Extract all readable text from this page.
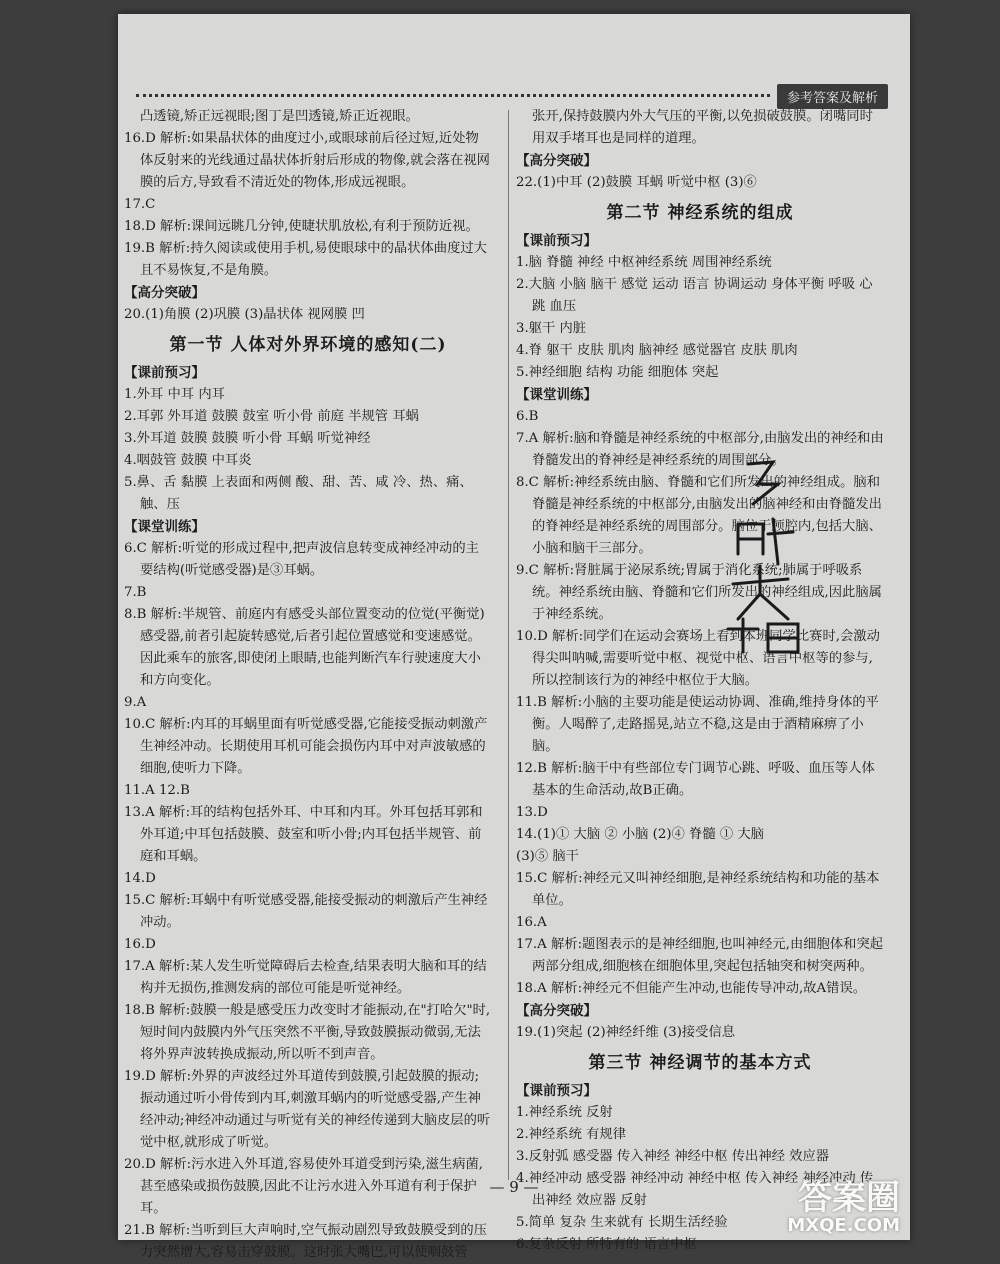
参考答案及解析
凸透镜,矫正远视眼;图丁是凹透镜,矫正近视眼。
16.D 解析:如果晶状体的曲度过小,或眼球前后径过短,近处物体反射来的光线通过晶状体折射后形成的物像,就会落在视网膜的后方,导致看不清近处的物体,形成远视眼。
17.C
18.D 解析:课间远眺几分钟,使睫状肌放松,有利于预防近视。
19.B 解析:持久阅读或使用手机,易使眼球中的晶状体曲度过大且不易恢复,不是角膜。
【高分突破】
20.(1)角膜 (2)巩膜 (3)晶状体 视网膜 凹
第一节 人体对外界环境的感知(二)
【课前预习】
1.外耳 中耳 内耳
2.耳郭 外耳道 鼓膜 鼓室 听小骨 前庭 半规管 耳蜗
3.外耳道 鼓膜 鼓膜 听小骨 耳蜗 听觉神经
4.咽鼓管 鼓膜 中耳炎
5.鼻、舌 黏膜 上表面和两侧 酸、甜、苦、咸 冷、热、痛、触、压
【课堂训练】
6.C 解析:听觉的形成过程中,把声波信息转变成神经冲动的主要结构(听觉感受器)是③耳蜗。
7.B
8.B 解析:半规管、前庭内有感受头部位置变动的位觉(平衡觉)感受器,前者引起旋转感觉,后者引起位置感觉和变速感觉。因此乘车的旅客,即使闭上眼睛,也能判断汽车行驶速度大小和方向变化。
9.A
10.C 解析:内耳的耳蜗里面有听觉感受器,它能接受振动刺激产生神经冲动。长期使用耳机可能会损伤内耳中对声波敏感的细胞,使听力下降。
11.A 12.B
13.A 解析:耳的结构包括外耳、中耳和内耳。外耳包括耳郭和外耳道;中耳包括鼓膜、鼓室和听小骨;内耳包括半规管、前庭和耳蜗。
14.D
15.C 解析:耳蜗中有听觉感受器,能接受振动的刺激后产生神经冲动。
16.D
17.A 解析:某人发生听觉障碍后去检查,结果表明大脑和耳的结构并无损伤,推测发病的部位可能是听觉神经。
18.B 解析:鼓膜一般是感受压力改变时才能振动,在"打哈欠"时,短时间内鼓膜内外气压突然不平衡,导致鼓膜振动微弱,无法将外界声波转换成振动,所以听不到声音。
19.D 解析:外界的声波经过外耳道传到鼓膜,引起鼓膜的振动;振动通过听小骨传到内耳,刺激耳蜗内的听觉感受器,产生神经冲动;神经冲动通过与听觉有关的神经传递到大脑皮层的听觉中枢,就形成了听觉。
20.D 解析:污水进入外耳道,容易使外耳道受到污染,滋生病菌,甚至感染或损伤鼓膜,因此不让污水进入外耳道有利于保护耳。
21.B 解析:当听到巨大声响时,空气振动剧烈导致鼓膜受到的压力突然增大,容易击穿鼓膜。这时张大嘴巴,可以使咽鼓管
张开,保持鼓膜内外大气压的平衡,以免损破鼓膜。闭嘴同时用双手堵耳也是同样的道理。
【高分突破】
22.(1)中耳 (2)鼓膜 耳蜗 听觉中枢 (3)⑥
第二节 神经系统的组成
【课前预习】
1.脑 脊髓 神经 中枢神经系统 周围神经系统
2.大脑 小脑 脑干 感觉 运动 语言 协调运动 身体平衡 呼吸 心跳 血压
3.躯干 内脏
4.脊 躯干 皮肤 肌肉 脑神经 感觉器官 皮肤 肌肉
5.神经细胞 结构 功能 细胞体 突起
【课堂训练】
6.B
7.A 解析:脑和脊髓是神经系统的中枢部分,由脑发出的神经和由脊髓发出的脊神经是神经系统的周围部分。
8.C 解析:神经系统由脑、脊髓和它们所发出的神经组成。脑和脊髓是神经系统的中枢部分,由脑发出的脑神经和由脊髓发出的脊神经是神经系统的周围部分。脑位于颅腔内,包括大脑、小脑和脑干三部分。
9.C 解析:肾脏属于泌尿系统;胃属于消化系统;肺属于呼吸系统。神经系统由脑、脊髓和它们所发出的神经组成,因此脑属于神经系统。
10.D 解析:同学们在运动会赛场上看到本班同学比赛时,会激动得尖叫呐喊,需要听觉中枢、视觉中枢、语言中枢等的参与,所以控制该行为的神经中枢位于大脑。
11.B 解析:小脑的主要功能是使运动协调、准确,维持身体的平衡。人喝醉了,走路摇晃,站立不稳,这是由于酒精麻痹了小脑。
12.B 解析:脑干中有些部位专门调节心跳、呼吸、血压等人体基本的生命活动,故B正确。
13.D
14.(1)① 大脑 ② 小脑 (2)④ 脊髓 ① 大脑
(3)⑤ 脑干
15.C 解析:神经元又叫神经细胞,是神经系统结构和功能的基本单位。
16.A
17.A 解析:题图表示的是神经细胞,也叫神经元,由细胞体和突起两部分组成,细胞核在细胞体里,突起包括轴突和树突两种。
18.A 解析:神经元不但能产生冲动,也能传导冲动,故A错误。
【高分突破】
19.(1)突起 (2)神经纤维 (3)接受信息
第三节 神经调节的基本方式
【课前预习】
1.神经系统 反射
2.神经系统 有规律
3.反射弧 感受器 传入神经 神经中枢 传出神经 效应器
4.神经冲动 感受器 神经冲动 神经中枢 传入神经 神经冲动 传出神经 效应器 反射
5.简单 复杂 生来就有 长期生活经验
6.复杂反射 所特有的 语言中枢
— 9 —	答案圈
MXQE.COM
